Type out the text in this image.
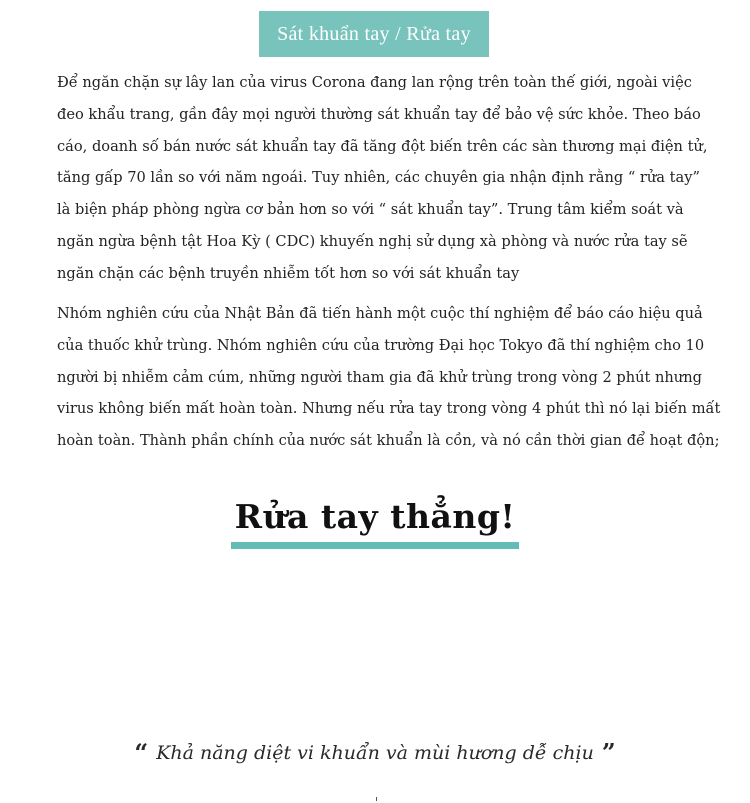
Sát khuẩn tay / Rửa tay

Để ngăn chặn sự lây lan của virus Corona đang lan rộng trên toàn thế giới, ngoài việc
đeo khẩu trang, gần đây mọi người thường sát khuẩn tay để bảo vệ sức khỏe. Theo báo
cáo, doanh số bán nước sát khuẩn tay đã tăng đột biến trên các sàn thương mại điện tử,
tăng gấp 70 lần so với năm ngoái. Tuy nhiên, các chuyên gia nhận định rằng “ rửa tay”
là biện pháp phòng ngừa cơ bản hơn so với “ sát khuẩn tay”. Trung tâm kiểm soát và
ngăn ngừa bệnh tật Hoa Kỳ ( CDC) khuyến nghị sử dụng xà phòng và nước rửa tay sẽ
ngăn chặn các bệnh truyền nhiễm tốt hơn so với sát khuẩn tay

Nhóm nghiên cứu của Nhật Bản đã tiến hành một cuộc thí nghiệm để báo cáo hiệu quả
của thuốc khử trùng. Nhóm nghiên cứu của trường Đại học Tokyo đã thí nghiệm cho 10
người bị nhiễm cảm cúm, những người tham gia đã khử trùng trong vòng 2 phút nhưng
virus không biến mất hoàn toàn. Nhưng nếu rửa tay trong vòng 4 phút thì nó lại biến mất
hoàn toàn. Thành phần chính của nước sát khuẩn là cồn, và nó cần thời gian để hoạt độn;

Rửa tay thẳng!
“ Khả năng diệt vi khuẩn và mùi hương dễ chịu ”
